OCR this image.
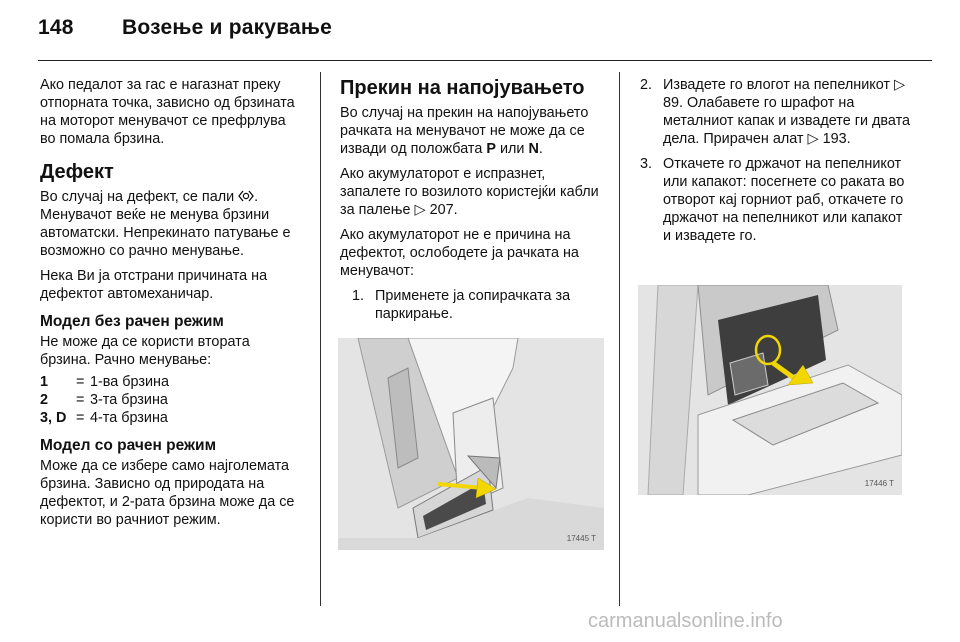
148 Возење и ракување

Ако педалот за гас е нагазнат преку отпорната точка, зависно од брзината на моторот менувачот се префрлува во помала брзина.

Дефект

Во случај на дефект, се пали . Менувачот веќе не менува брзини автоматски. Непрекинато патување е возможно со рачно менување.

Нека Ви ја отстрани причината на дефектот автомеханичар.

Модел без рачен режим

Не може да се користи вторатa брзина. Рачно менување:

1	= 1-ва брзина
2	= 3-та брзина
3, D = 4-та брзина
Модел со рачен режим

Може да се избере само најголемата брзина. Зависно од природата на дефектот, и 2-рата брзина може да се користи во рачниот режим.

Прекин на напојувањето

Во случај на прекин на напојувањето рачката на менувачот не може да се извади од положбата P или N.

Ако акумулаторот е испразнет, запалете го возилото користејќи кабли за палење ▷ 207.

Ако акумулаторот не е причина на дефектот, ослободете ја рачката на менувачот:

1. Применете ја сопирачката за паркирање.
2. Извадете го влогот на пепелникот ▷ 89. Олабавете го шрафот на металниот капак и извадете ги двата дела. Приpачен алат ▷ 193.
3. Откачете го држачот на пепелникот или капакот: посегнете со раката во отворот кај горниот раб, откачете го држачот на пепелникот или капакот и извадете го.
17445 T
17446 T
carmanualsonline.info
